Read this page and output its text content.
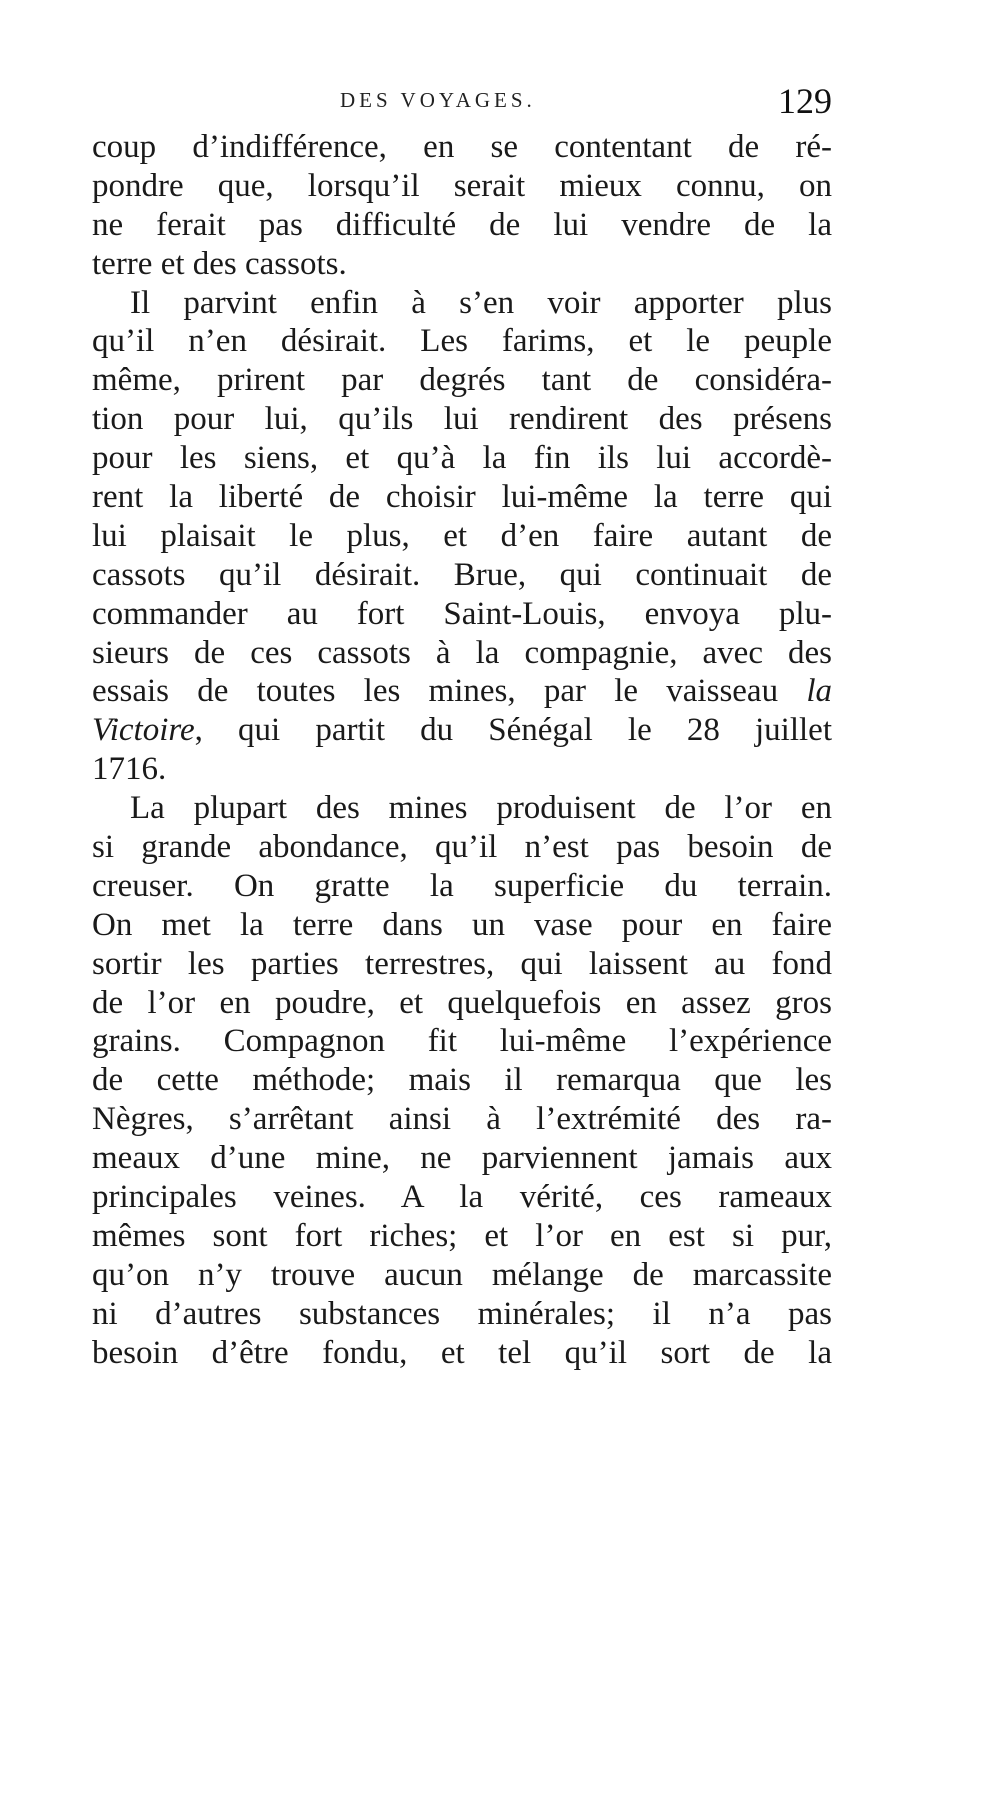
DES VOYAGES.	129
coup d’indifférence, en se contentant de ré-
pondre que, lorsqu’il serait mieux connu, on
ne ferait pas difficulté de lui vendre de la
terre et des cassots.
Il parvint enfin à s’en voir apporter plus
qu’il n’en désirait. Les farims, et le peuple
même, prirent par degrés tant de considéra-
tion pour lui, qu’ils lui rendirent des présens
pour les siens, et qu’à la fin ils lui accordè-
rent la liberté de choisir lui-même la terre qui
lui plaisait le plus, et d’en faire autant de
cassots qu’il désirait. Brue, qui continuait de
commander au fort Saint-Louis, envoya plu-
sieurs de ces cassots à la compagnie, avec des
essais de toutes les mines, par le vaisseau la
Victoire, qui partit du Sénégal le 28 juillet
1716.
La plupart des mines produisent de l’or en
si grande abondance, qu’il n’est pas besoin de
creuser. On gratte la superficie du terrain.
On met la terre dans un vase pour en faire
sortir les parties terrestres, qui laissent au fond
de l’or en poudre, et quelquefois en assez gros
grains. Compagnon fit lui-même l’expérience
de cette méthode; mais il remarqua que les
Nègres, s’arrêtant ainsi à l’extrémité des ra-
meaux d’une mine, ne parviennent jamais aux
principales veines. A la vérité, ces rameaux
mêmes sont fort riches; et l’or en est si pur,
qu’on n’y trouve aucun mélange de marcassite
ni d’autres substances minérales; il n’a pas
besoin d’être fondu, et tel qu’il sort de la
